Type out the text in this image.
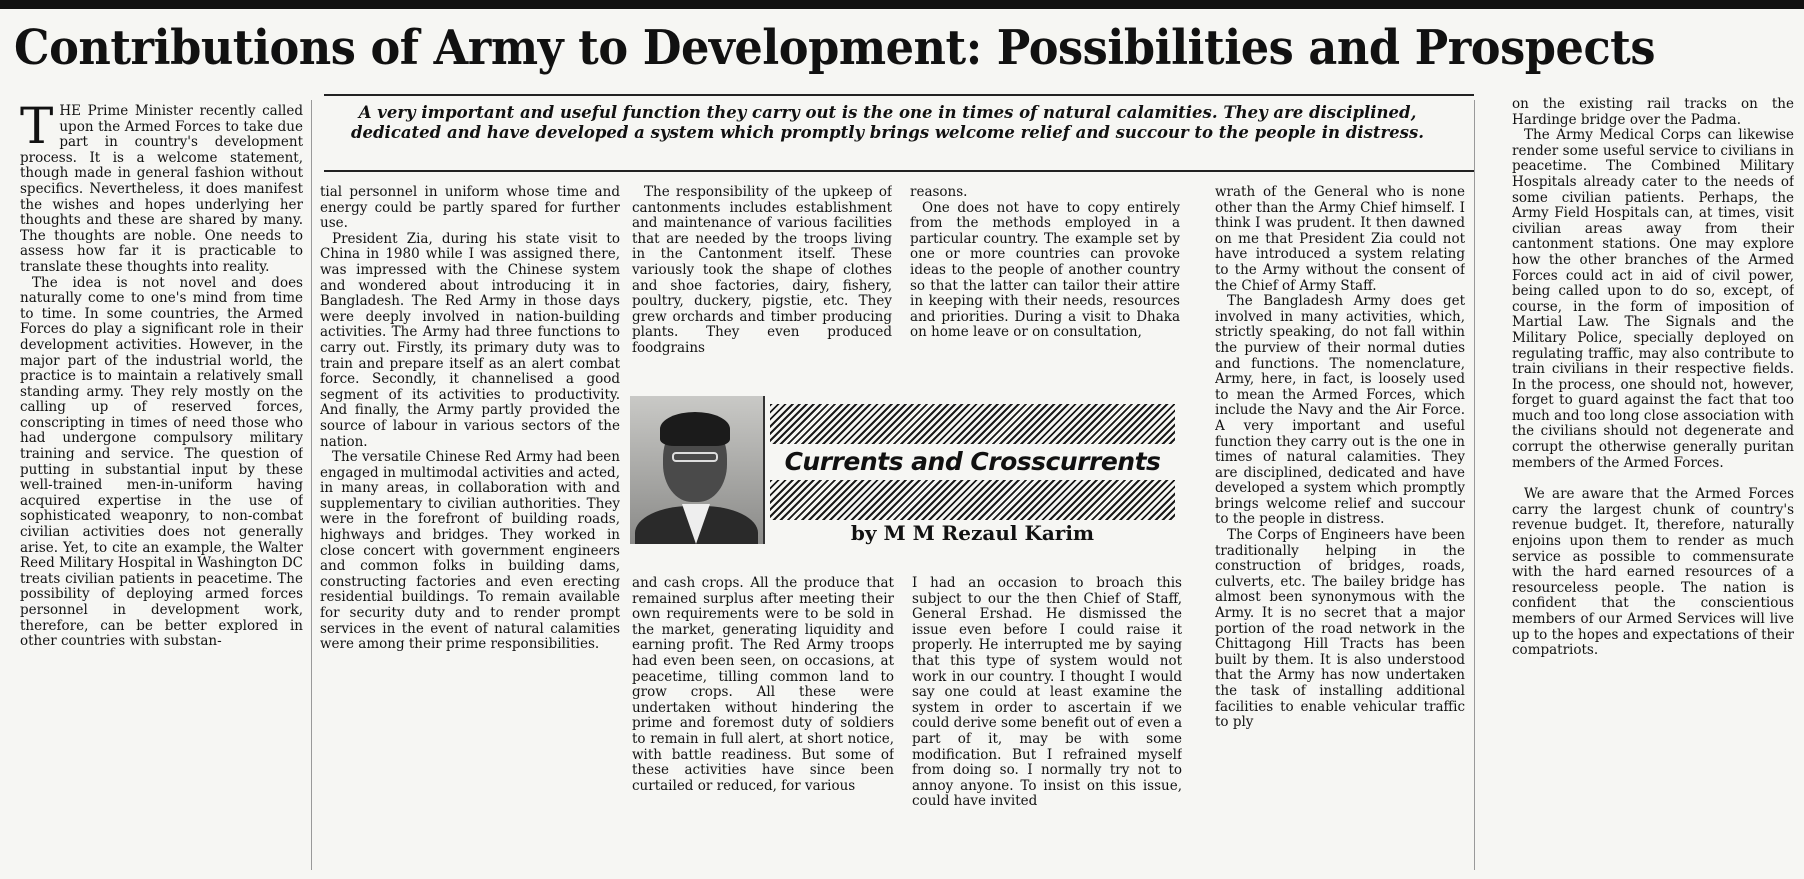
Contributions of Army to Development: Possibilities and Prospects
A very important and useful function they carry out is the one in times of natural calamities. They are disciplined, dedicated and have developed a system which promptly brings welcome relief and succour to the people in distress.

THE Prime Minister recently called upon the Armed Forces to take due part in country's development process. It is a welcome statement, though made in general fashion without specifics. Nevertheless, it does manifest the wishes and hopes underlying her thoughts and these are shared by many. The thoughts are noble. One needs to assess how far it is practicable to translate these thoughts into reality.

The idea is not novel and does naturally come to one's mind from time to time. In some countries, the Armed Forces do play a significant role in their development activities. However, in the major part of the industrial world, the practice is to maintain a relatively small standing army. They rely mostly on the calling up of reserved forces, conscripting in times of need those who had undergone compulsory military training and service. The question of putting in substantial input by these well-trained men-in-uniform having acquired expertise in the use of sophisticated weaponry, to non-combat civilian activities does not generally arise. Yet, to cite an example, the Walter Reed Military Hospital in Washington DC treats civilian patients in peacetime. The possibility of deploying armed forces personnel in development work, therefore, can be better explored in other countries with substan-

tial personnel in uniform whose time and energy could be partly spared for further use.

President Zia, during his state visit to China in 1980 while I was assigned there, was impressed with the Chinese system and wondered about introducing it in Bangladesh. The Red Army in those days were deeply involved in nation-building activities. The Army had three functions to carry out. Firstly, its primary duty was to train and prepare itself as an alert combat force. Secondly, it channelised a good segment of its activities to productivity. And finally, the Army partly provided the source of labour in various sectors of the nation.

The versatile Chinese Red Army had been engaged in multimodal activities and acted, in many areas, in collaboration with and supplementary to civilian authorities. They were in the forefront of building roads, highways and bridges. They worked in close concert with government engineers and common folks in building dams, constructing factories and even erecting residential buildings. To remain available for security duty and to render prompt services in the event of natural calamities were among their prime responsibilities.

The responsibility of the upkeep of cantonments includes establishment and maintenance of various facilities that are needed by the troops living in the Cantonment itself. These variously took the shape of clothes and shoe factories, dairy, fishery, poultry, duckery, pigstie, etc. They grew orchards and timber producing plants. They even produced foodgrains

reasons.

One does not have to copy entirely from the methods employed in a particular country. The example set by one or more countries can provoke ideas to the people of another country so that the latter can tailor their attire in keeping with their needs, resources and priorities. During a visit to Dhaka on home leave or on consultation,

Currents and Crosscurrents
by M M Rezaul Karim

and cash crops. All the produce that remained surplus after meeting their own requirements were to be sold in the market, generating liquidity and earning profit. The Red Army troops had even been seen, on occasions, at peacetime, tilling common land to grow crops. All these were undertaken without hindering the prime and foremost duty of soldiers to remain in full alert, at short notice, with battle readiness. But some of these activities have since been curtailed or reduced, for various

I had an occasion to broach this subject to our the then Chief of Staff, General Ershad. He dismissed the issue even before I could raise it properly. He interrupted me by saying that this type of system would not work in our country. I thought I would say one could at least examine the system in order to ascertain if we could derive some benefit out of even a part of it, may be with some modification. But I refrained myself from doing so. I normally try not to annoy anyone. To insist on this issue, could have invited

wrath of the General who is none other than the Army Chief himself. I think I was prudent. It then dawned on me that President Zia could not have introduced a system relating to the Army without the consent of the Chief of Army Staff.

The Bangladesh Army does get involved in many activities, which, strictly speaking, do not fall within the purview of their normal duties and functions. The nomenclature, Army, here, in fact, is loosely used to mean the Armed Forces, which include the Navy and the Air Force. A very important and useful function they carry out is the one in times of natural calamities. They are disciplined, dedicated and have developed a system which promptly brings welcome relief and succour to the people in distress.

The Corps of Engineers have been traditionally helping in the construction of bridges, roads, culverts, etc. The bailey bridge has almost been synonymous with the Army. It is no secret that a major portion of the road network in the Chittagong Hill Tracts has been built by them. It is also understood that the Army has now undertaken the task of installing additional facilities to enable vehicular traffic to ply

on the existing rail tracks on the Hardinge bridge over the Padma.

The Army Medical Corps can likewise render some useful service to civilians in peacetime. The Combined Military Hospitals already cater to the needs of some civilian patients. Perhaps, the Army Field Hospitals can, at times, visit civilian areas away from their cantonment stations. One may explore how the other branches of the Armed Forces could act in aid of civil power, being called upon to do so, except, of course, in the form of imposition of Martial Law. The Signals and the Military Police, specially deployed on regulating traffic, may also contribute to train civilians in their respective fields. In the process, one should not, however, forget to guard against the fact that too much and too long close association with the civilians should not degenerate and corrupt the otherwise generally puritan members of the Armed Forces.

We are aware that the Armed Forces carry the largest chunk of country's revenue budget. It, therefore, naturally enjoins upon them to render as much service as possible to commensurate with the hard earned resources of a resourceless people. The nation is confident that the conscientious members of our Armed Services will live up to the hopes and expectations of their compatriots.
